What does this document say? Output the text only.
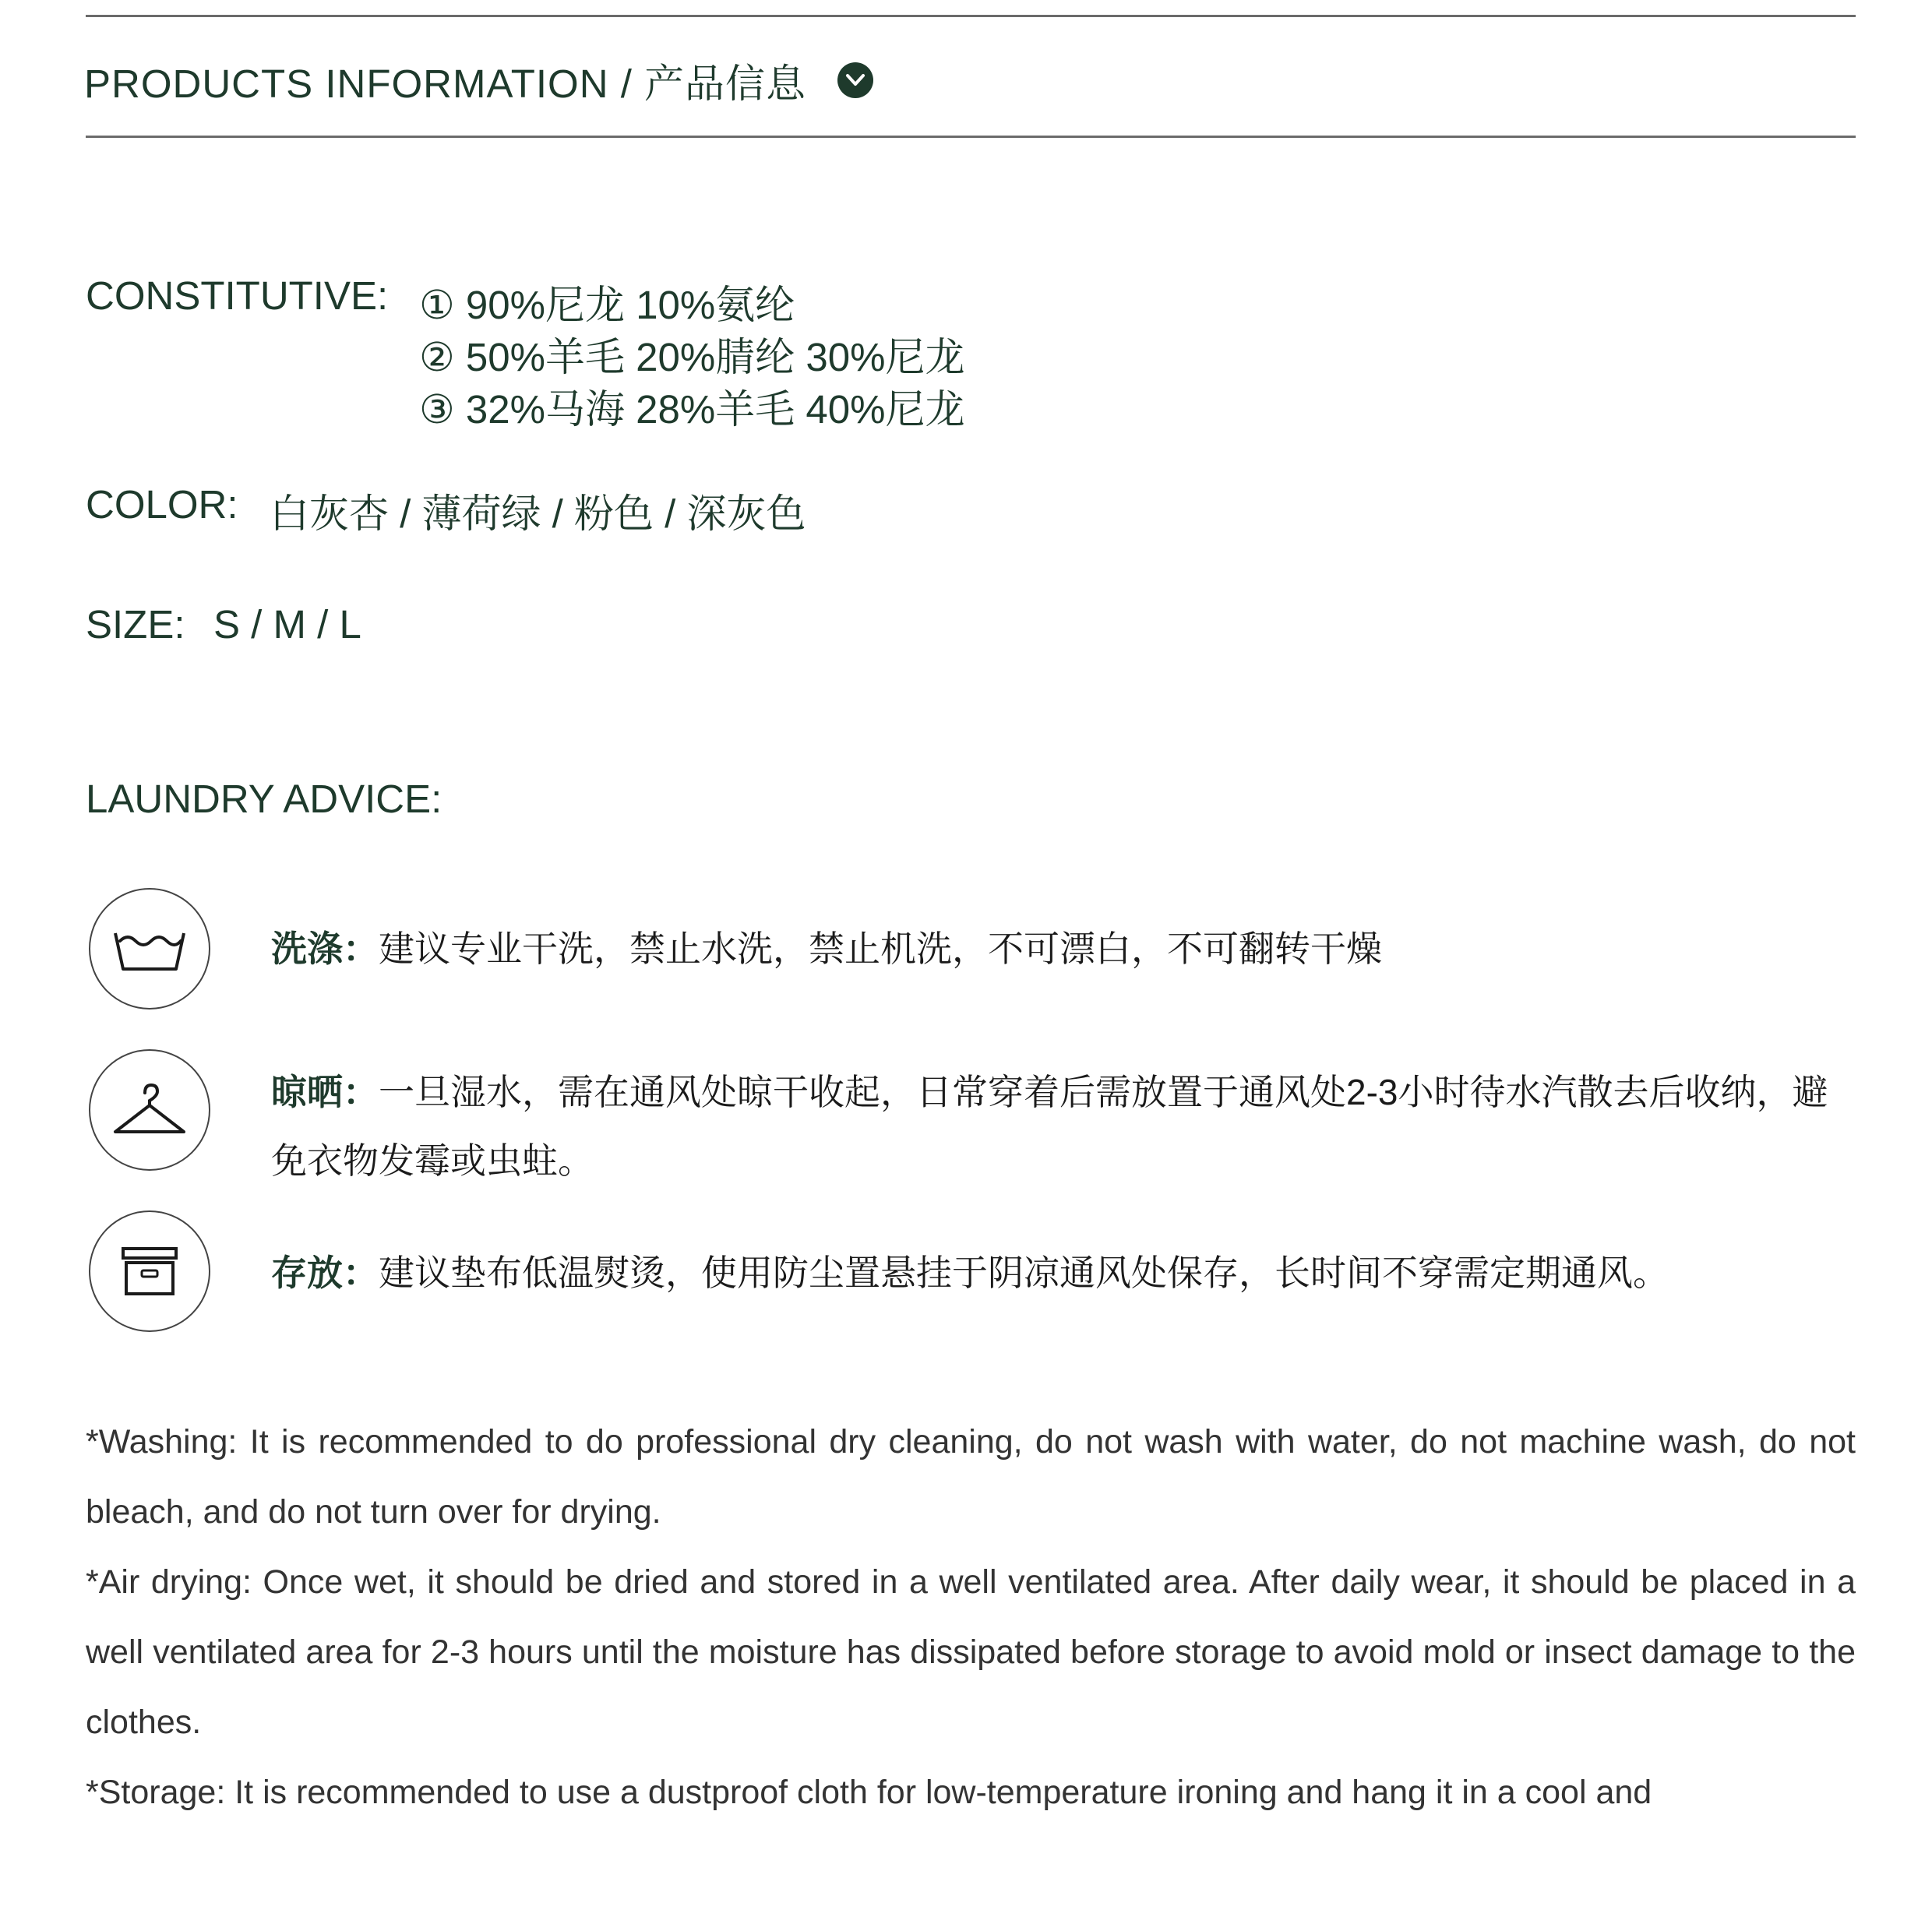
PRODUCTS INFORMATION / 产品信息
CONSTITUTIVE: ① 90%尼龙 10%氨纶
② 50%羊毛 20%腈纶 30%尼龙
③ 32%马海 28%羊毛 40%尼龙
COLOR: 白灰杏 / 薄荷绿 / 粉色 / 深灰色
SIZE: S / M / L
LAUNDRY ADVICE:
洗涤：建议专业干洗，禁止水洗，禁止机洗，不可漂白，不可翻转干燥
晾晒：一旦湿水，需在通风处晾干收起，日常穿着后需放置于通风处2-3小时待水汽散去后收纳，避免衣物发霉或虫蛀。
存放：建议垫布低温熨烫，使用防尘置悬挂于阴凉通风处保存，长时间不穿需定期通风。

*Washing: It is recommended to do professional dry cleaning, do not wash with water, do not machine wash, do not bleach, and do not turn over for drying.

*Air drying: Once wet, it should be dried and stored in a well ventilated area. After daily wear, it should be placed in a well ventilated area for 2-3 hours until the moisture has dissipated before storage to avoid mold or insect damage to the clothes.

*Storage: It is recommended to use a dustproof cloth for low-temperature ironing and hang it in a cool and
